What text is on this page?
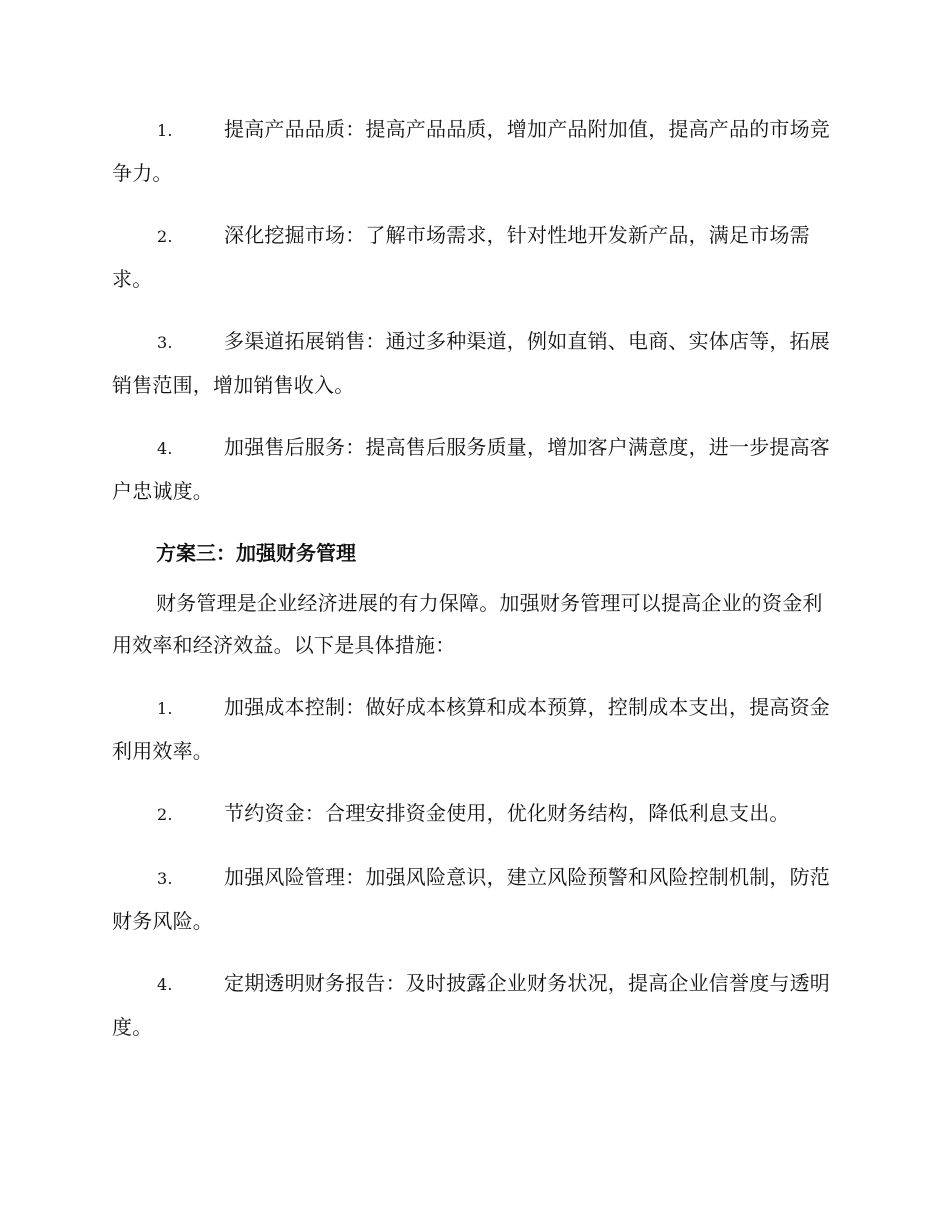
1.	提高产品品质：提高产品品质，增加产品附加值，提高产品的市场竞争力。
2.	深化挖掘市场：了解市场需求，针对性地开发新产品，满足市场需求。
3.	多渠道拓展销售：通过多种渠道，例如直销、电商、实体店等，拓展销售范围，增加销售收入。
4.	加强售后服务：提高售后服务质量，增加客户满意度，进一步提高客户忠诚度。
方案三：加强财务管理
财务管理是企业经济进展的有力保障。加强财务管理可以提高企业的资金利用效率和经济效益。以下是具体措施：
1.	加强成本控制：做好成本核算和成本预算，控制成本支出，提高资金利用效率。
2.	节约资金：合理安排资金使用，优化财务结构，降低利息支出。
3.	加强风险管理：加强风险意识，建立风险预警和风险控制机制，防范财务风险。
4.	定期透明财务报告：及时披露企业财务状况，提高企业信誉度与透明度。
